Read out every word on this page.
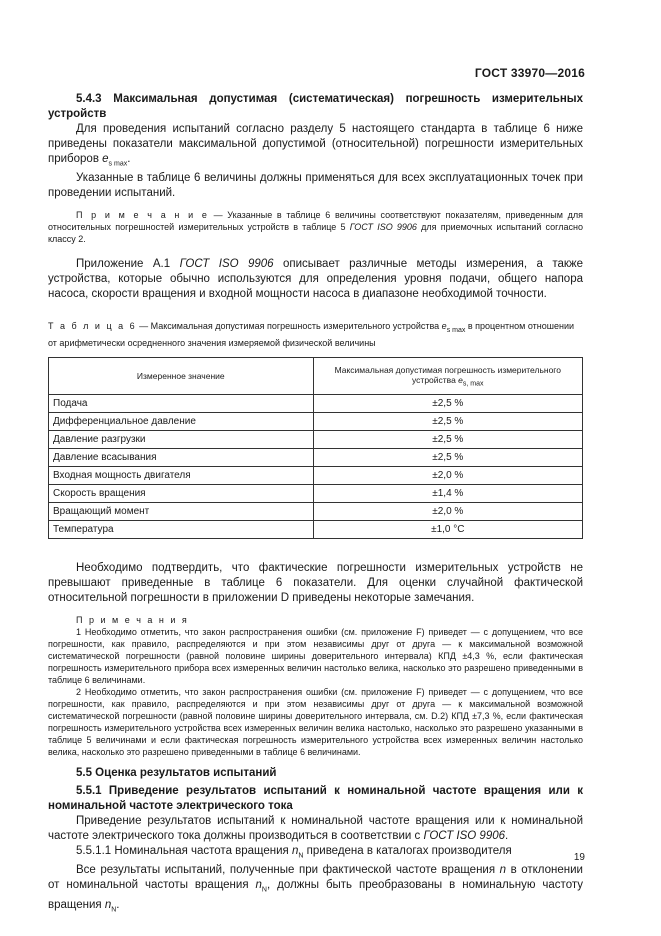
ГОСТ 33970—2016

5.4.3 Максимальная допустимая (систематическая) погрешность измерительных устройств

Для проведения испытаний согласно разделу 5 настоящего стандарта в таблице 6 ниже приведены показатели максимальной допустимой (относительной) погрешности измерительных приборов $e_{s max}$.

Указанные в таблице 6 величины должны применяться для всех эксплуатационных точек при проведении испытаний.

П р и м е ч а н и е — Указанные в таблице 6 величины соответствуют показателям, приведенным для относительных погрешностей измерительных устройств в таблице 5 ГОСТ ISO 9906 для приемочных испытаний согласно классу 2.

Приложение А.1 ГОСТ ISO 9906 описывает различные методы измерения, а также устройства, которые обычно используются для определения уровня подачи, общего напора насоса, скорости вращения и входной мощности насоса в диапазоне необходимой точности.

Т а б л и ц а 6 — Максимальная допустимая погрешность измерительного устройства $e_{s max}$ в процентном отношении от арифметически осредненного значения измеряемой физической величины

Измеренное значение	Максимальная допустимая погрешность измерительного устройства $e_{s, max}$
Подача	±2,5 %
Дифференциальное давление	±2,5 %
Давление разгрузки	±2,5 %
Давление всасывания	±2,5 %
Входная мощность двигателя	±2,0 %
Скорость вращения	±1,4 %
Вращающий момент	±2,0 %
Температура	±1,0 °C

Необходимо подтвердить, что фактические погрешности измерительных устройств не превышают приведенные в таблице 6 показатели. Для оценки случайной фактической относительной погрешности в приложении D приведены некоторые замечания.

П р и м е ч а н и я

1 Необходимо отметить, что закон распространения ошибки (см. приложение F) приведет — с допущением, что все погрешности, как правило, распределяются и при этом независимы друг от друга — к максимальной возможной систематической погрешности (равной половине ширины доверительного интервала) КПД ±4,3 %, если фактическая погрешность измерительного прибора всех измеренных величин настолько велика, насколько это разрешено приведенными в таблице 6 величинами.

2 Необходимо отметить, что закон распространения ошибки (см. приложение F) приведет — с допущением, что все погрешности, как правило, распределяются и при этом независимы друг от друга — к максимальной возможной систематической погрешности (равной половине ширины доверительного интервала, см. D.2) КПД ±7,3 %, если фактическая погрешность измерительного устройства всех измеренных величин велика настолько, насколько это разрешено указанными в таблице 5 величинами и если фактическая погрешность измерительного устройства всех измеренных величин настолько велика, насколько это разрешено приведенными в таблице 6 величинами.

5.5 Оценка результатов испытаний

5.5.1 Приведение результатов испытаний к номинальной частоте вращения или к номинальной частоте электрического тока

Приведение результатов испытаний к номинальной частоте вращения или к номинальной частоте электрического тока должны производиться в соответствии с ГОСТ ISO 9906.

5.5.1.1 Номинальная частота вращения $n_N$ приведена в каталогах производителя

Все результаты испытаний, полученные при фактической частоте вращения n в отклонении от номинальной частоты вращения $n_N$, должны быть преобразованы в номинальную частоту вращения $n_N$.

19
